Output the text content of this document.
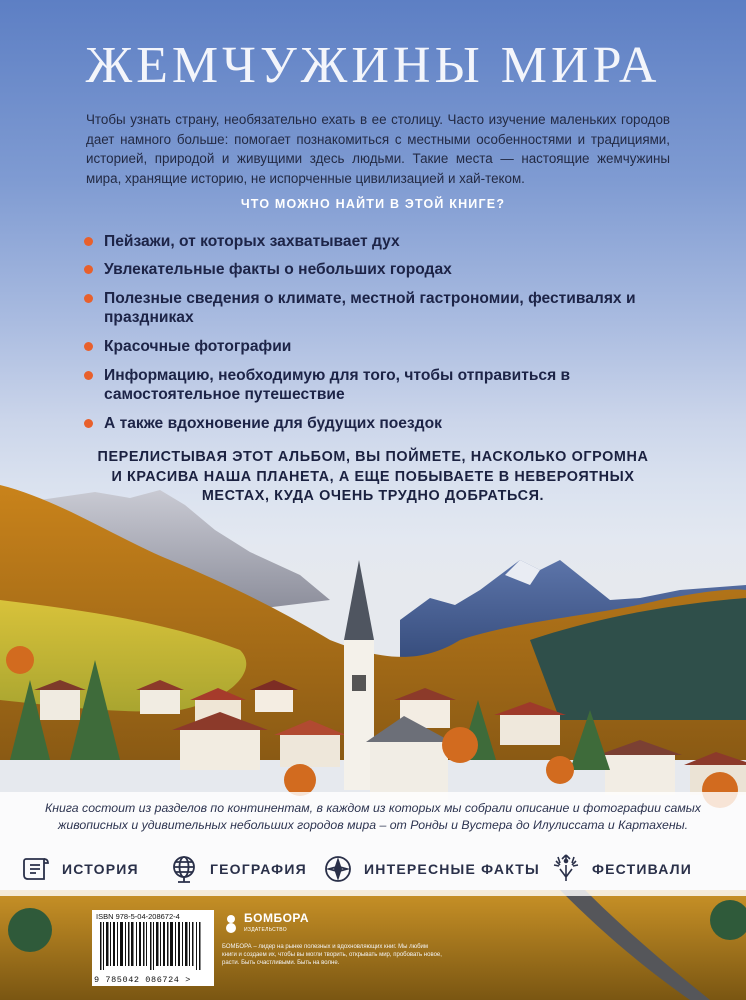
ЖЕМЧУЖИНЫ МИРА
Чтобы узнать страну, необязательно ехать в ее столицу. Часто изучение маленьких городов дает намного больше: помогает познакомиться с местными особенностями и традициями, историей, природой и живущими здесь людьми. Такие места — настоящие жемчужины мира, хранящие историю, не испорченные цивилизацией и хай-теком.
ЧТО МОЖНО НАЙТИ В ЭТОЙ КНИГЕ?
Пейзажи, от которых захватывает дух
Увлекательные факты о небольших городах
Полезные сведения о климате, местной гастрономии, фестивалях и праздниках
Красочные фотографии
Информацию, необходимую для того, чтобы отправиться в самостоятельное путешествие
А также вдохновение для будущих поездок
ПЕРЕЛИСТЫВАЯ ЭТОТ АЛЬБОМ, ВЫ ПОЙМЕТЕ, НАСКОЛЬКО ОГРОМНА И КРАСИВА НАША ПЛАНЕТА, А ЕЩЕ ПОБЫВАЕТЕ В НЕВЕРОЯТНЫХ МЕСТАХ, КУДА ОЧЕНЬ ТРУДНО ДОБРАТЬСЯ.
Книга состоит из разделов по континентам, в каждом из которых мы собрали описание и фотографии самых живописных и удивительных небольших городов мира – от Ронды и Вустера до Илулиссата и Картахены.
ИСТОРИЯ	ГЕОГРАФИЯ	ИНТЕРЕСНЫЕ ФАКТЫ	ФЕСТИВАЛИ
ISBN 978-5-04-208672-4
9 785042 086724 >
БОМБОРА
ИЗДАТЕЛЬСТВО
БОМБОРА – лидер на рынке полезных и вдохновляющих книг. Мы любим книги и создаем их, чтобы вы могли творить, открывать мир, пробовать новое, расти. Быть счастливыми. Быть на волне.
